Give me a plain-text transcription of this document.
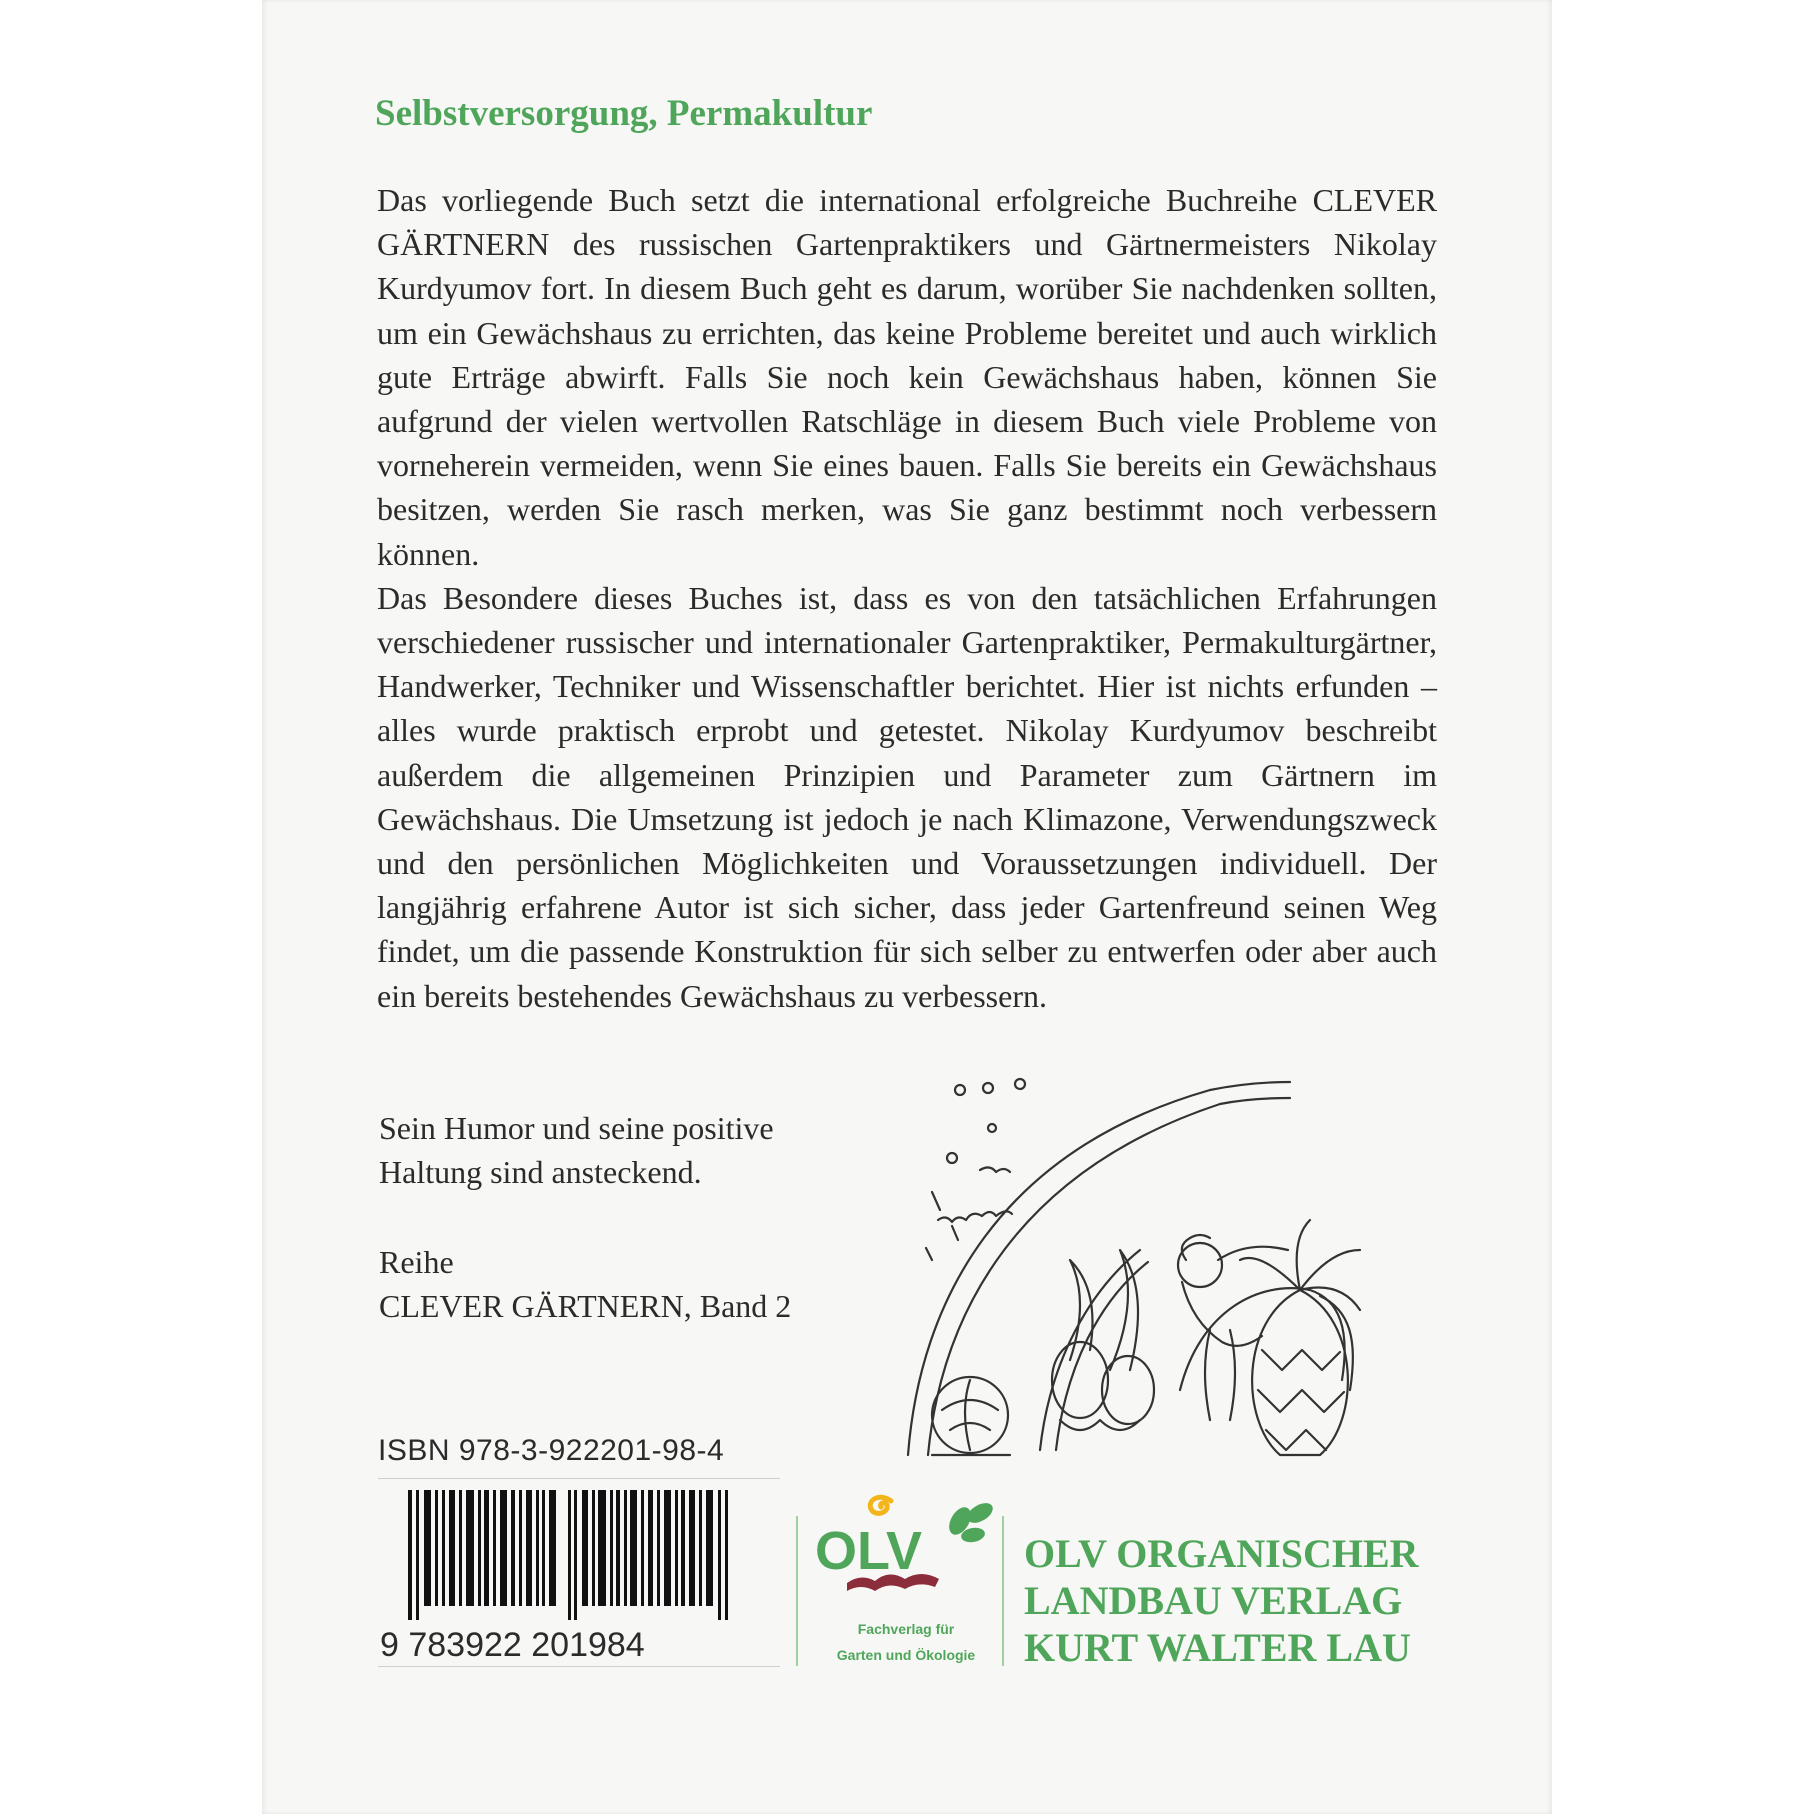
Selbstversorgung, Permakultur

Das vorliegende Buch setzt die international erfolgreiche Buchreihe CLEVER GÄRTNERN des russischen Gartenpraktikers und Gärtnermeisters Nikolay Kurdyumov fort. In diesem Buch geht es darum, worüber Sie nachdenken sollten, um ein Gewächshaus zu errichten, das keine Probleme bereitet und auch wirklich gute Erträge abwirft. Falls Sie noch kein Gewächshaus haben, können Sie aufgrund der vielen wertvollen Ratschläge in diesem Buch viele Probleme von vorneherein vermeiden, wenn Sie eines bauen. Falls Sie bereits ein Gewächshaus besitzen, werden Sie rasch merken, was Sie ganz bestimmt noch verbessern können.

Das Besondere dieses Buches ist, dass es von den tatsächlichen Erfahrungen verschiedener russischer und internationaler Gartenpraktiker, Permakulturgärtner, Handwerker, Techniker und Wissenschaftler berichtet. Hier ist nichts erfunden – alles wurde praktisch erprobt und getestet. Nikolay Kurdyumov beschreibt außerdem die allgemeinen Prinzipien und Parameter zum Gärtnern im Gewächshaus. Die Umsetzung ist jedoch je nach Klimazone, Verwendungszweck und den persönlichen Möglichkeiten und Voraussetzungen individuell. Der langjährig erfahrene Autor ist sich sicher, dass jeder Gartenfreund seinen Weg findet, um die passende Konstruktion für sich selber zu entwerfen oder aber auch ein bereits bestehendes Gewächshaus zu verbessern.

Sein Humor und seine positive
Haltung sind ansteckend.
Reihe
CLEVER GÄRTNERN, Band 2
ISBN 978-3-922201-98-4
9 783922 201984
OLV
Fachverlag für
Garten und Ökologie
OLV ORGANISCHER
LANDBAU VERLAG
KURT WALTER LAU
